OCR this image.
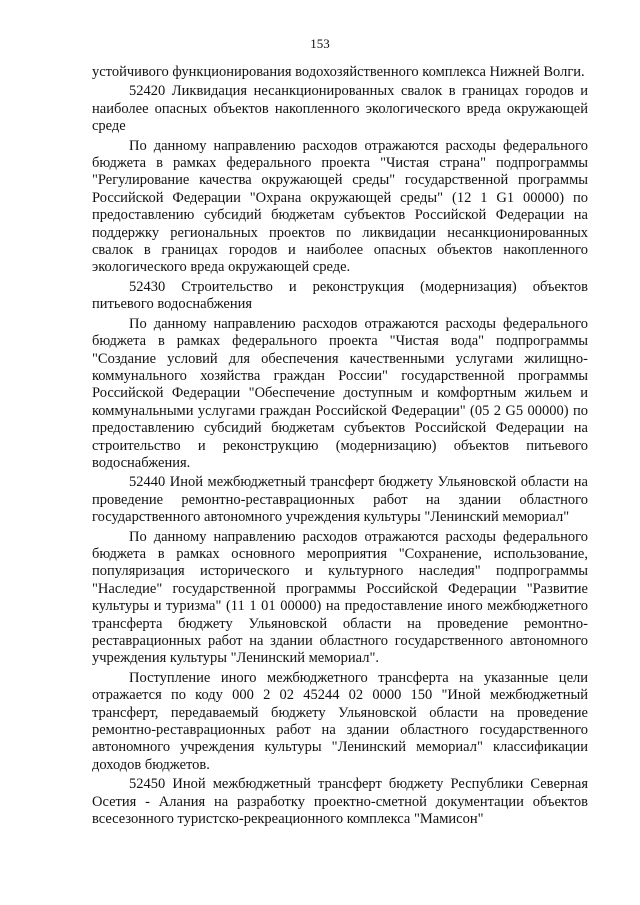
153

устойчивого функционирования водохозяйственного комплекса Нижней Волги.

52420 Ликвидация несанкционированных свалок в границах городов и наиболее опасных объектов накопленного экологического вреда окружающей среде

По данному направлению расходов отражаются расходы федерального бюджета в рамках федерального проекта "Чистая страна" подпрограммы "Регулирование качества окружающей среды" государственной программы Российской Федерации "Охрана окружающей среды" (12 1 G1 00000) по предоставлению субсидий бюджетам субъектов Российской Федерации на поддержку региональных проектов по ликвидации несанкционированных свалок в границах городов и наиболее опасных объектов накопленного экологического вреда окружающей среде.

52430 Строительство и реконструкция (модернизация) объектов питьевого водоснабжения

По данному направлению расходов отражаются расходы федерального бюджета в рамках федерального проекта "Чистая вода" подпрограммы "Создание условий для обеспечения качественными услугами жилищно-коммунального хозяйства граждан России" государственной программы Российской Федерации "Обеспечение доступным и комфортным жильем и коммунальными услугами граждан Российской Федерации" (05 2 G5 00000) по предоставлению субсидий бюджетам субъектов Российской Федерации на строительство и реконструкцию (модернизацию) объектов питьевого водоснабжения.

52440 Иной межбюджетный трансферт бюджету Ульяновской области на проведение ремонтно-реставрационных работ на здании областного государственного автономного учреждения культуры "Ленинский мемориал"

По данному направлению расходов отражаются расходы федерального бюджета в рамках основного мероприятия "Сохранение, использование, популяризация исторического и культурного наследия" подпрограммы "Наследие" государственной программы Российской Федерации "Развитие культуры и туризма" (11 1 01 00000) на предоставление иного межбюджетного трансферта бюджету Ульяновской области на проведение ремонтно-реставрационных работ на здании областного государственного автономного учреждения культуры "Ленинский мемориал".

Поступление иного межбюджетного трансферта на указанные цели отражается по коду 000 2 02 45244 02 0000 150 "Иной межбюджетный трансферт, передаваемый бюджету Ульяновской области на проведение ремонтно-реставрационных работ на здании областного государственного автономного учреждения культуры "Ленинский мемориал" классификации доходов бюджетов.

52450 Иной межбюджетный трансферт бюджету Республики Северная Осетия - Алания на разработку проектно-сметной документации объектов всесезонного туристско-рекреационного комплекса "Мамисон"
